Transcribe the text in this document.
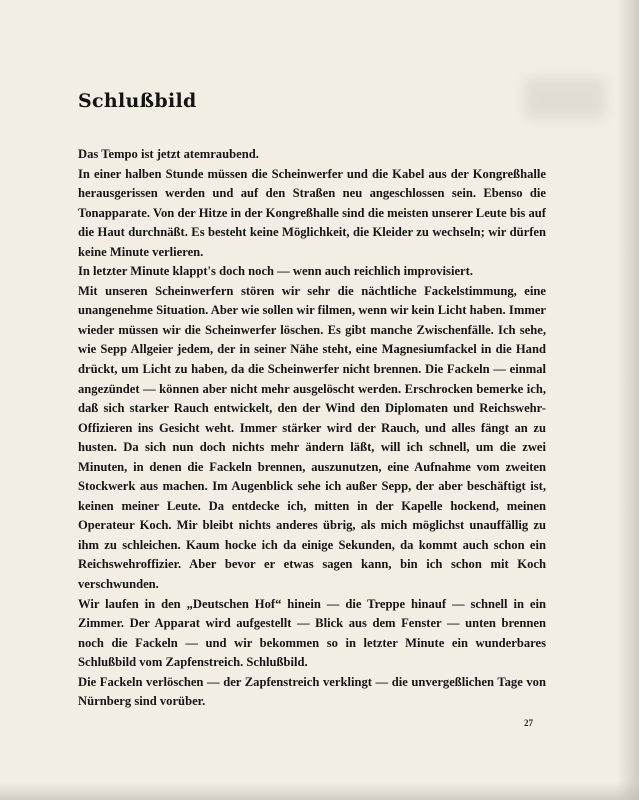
Schlußbild

Das Tempo ist jetzt atemraubend.

In einer halben Stunde müssen die Scheinwerfer und die Kabel aus der Kongreßhalle herausgerissen werden und auf den Straßen neu angeschlossen sein. Ebenso die Tonapparate. Von der Hitze in der Kongreßhalle sind die meisten unserer Leute bis auf die Haut durchnäßt. Es besteht keine Möglichkeit, die Kleider zu wechseln; wir dürfen keine Minute verlieren.

In letzter Minute klappt's doch noch — wenn auch reichlich improvisiert.

Mit unseren Scheinwerfern stören wir sehr die nächtliche Fackelstimmung, eine unangenehme Situation. Aber wie sollen wir filmen, wenn wir kein Licht haben. Immer wieder müssen wir die Scheinwerfer löschen. Es gibt manche Zwischenfälle. Ich sehe, wie Sepp Allgeier jedem, der in seiner Nähe steht, eine Magnesiumfackel in die Hand drückt, um Licht zu haben, da die Scheinwerfer nicht brennen. Die Fackeln — einmal angezündet — können aber nicht mehr ausgelöscht werden. Erschrocken bemerke ich, daß sich starker Rauch entwickelt, den der Wind den Diplomaten und Reichswehr-Offizieren ins Gesicht weht. Immer stärker wird der Rauch, und alles fängt an zu husten. Da sich nun doch nichts mehr ändern läßt, will ich schnell, um die zwei Minuten, in denen die Fackeln brennen, auszunutzen, eine Aufnahme vom zweiten Stockwerk aus machen. Im Augenblick sehe ich außer Sepp, der aber beschäftigt ist, keinen meiner Leute. Da entdecke ich, mitten in der Kapelle hockend, meinen Operateur Koch. Mir bleibt nichts anderes übrig, als mich möglichst unauffällig zu ihm zu schleichen. Kaum hocke ich da einige Sekunden, da kommt auch schon ein Reichswehroffizier. Aber bevor er etwas sagen kann, bin ich schon mit Koch verschwunden.

Wir laufen in den „Deutschen Hof“ hinein — die Treppe hinauf — schnell in ein Zimmer. Der Apparat wird aufgestellt — Blick aus dem Fenster — unten brennen noch die Fackeln — und wir bekommen so in letzter Minute ein wunderbares Schlußbild vom Zapfenstreich. Schlußbild.

Die Fackeln verlöschen — der Zapfenstreich verklingt — die unvergeßlichen Tage von Nürnberg sind vorüber.

27
